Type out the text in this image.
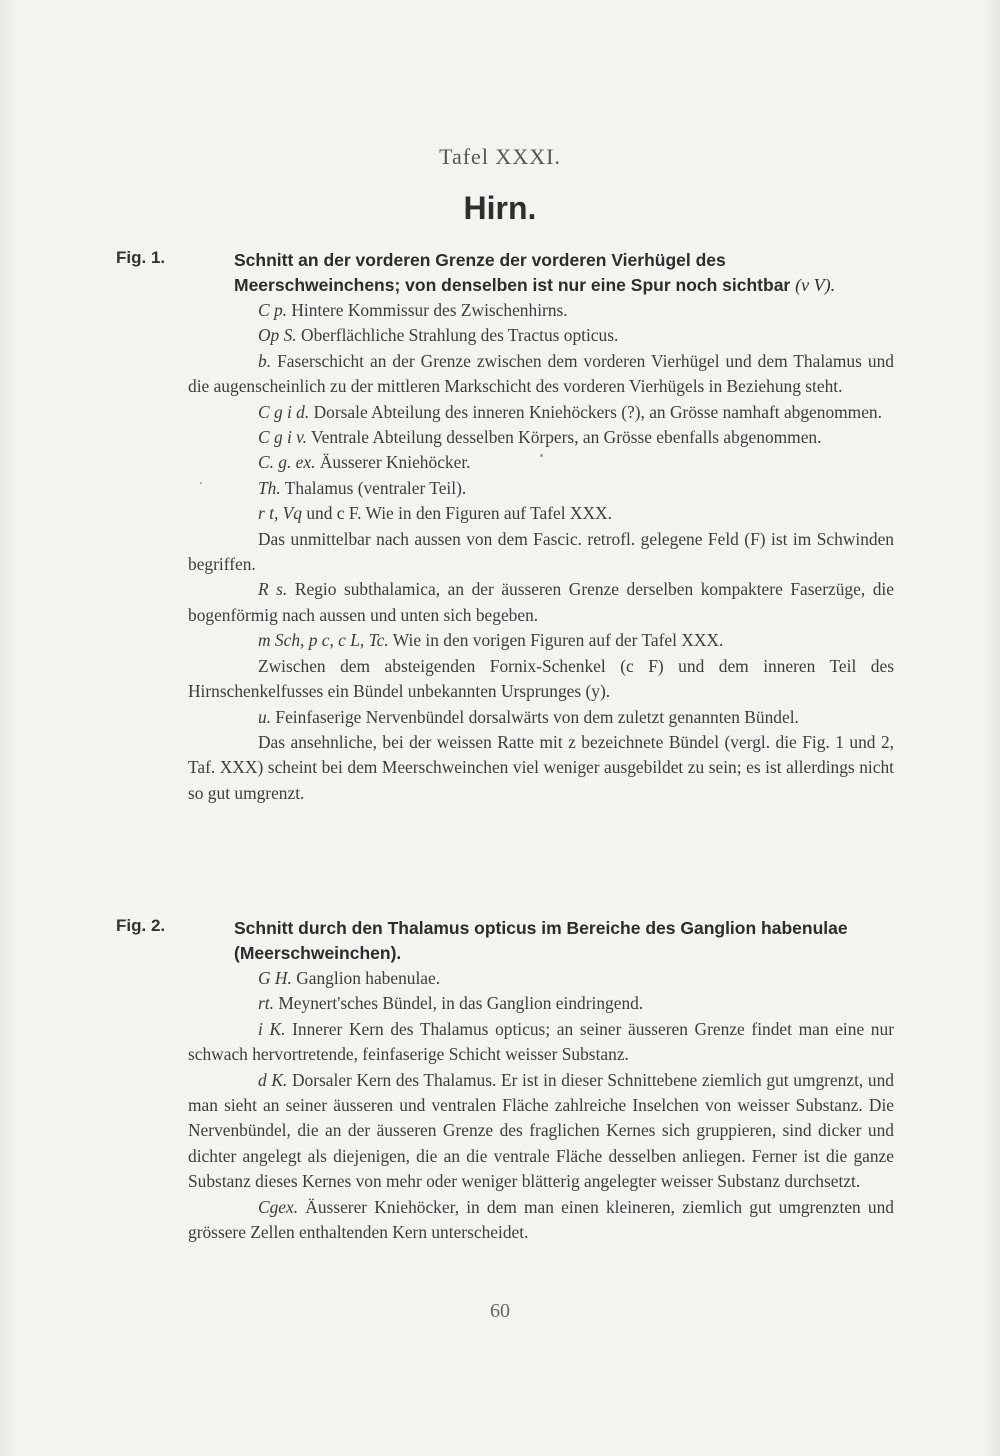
Tafel XXXI.
Hirn.
Fig. 1.	Schnitt an der vorderen Grenze der vorderen Vierhügel des Meerschweinchens; von denselben ist nur eine Spur noch sichtbar (v V).

C p. Hintere Kommissur des Zwischenhirns.

Op S. Oberflächliche Strahlung des Tractus opticus.

b. Faserschicht an der Grenze zwischen dem vorderen Vierhügel und dem Thalamus und die augenscheinlich zu der mittleren Markschicht des vorderen Vierhügels in Beziehung steht.

C g i d. Dorsale Abteilung des inneren Kniehöckers (?), an Grösse namhaft abgenommen.

C g i v. Ventrale Abteilung desselben Körpers, an Grösse ebenfalls abgenommen.

C. g. ex. Äusserer Kniehöcker.

Th. Thalamus (ventraler Teil).

r t, Vq und c F. Wie in den Figuren auf Tafel XXX.

Das unmittelbar nach aussen von dem Fascic. retrofl. gelegene Feld (F) ist im Schwinden begriffen.

R s. Regio subthalamica, an der äusseren Grenze derselben kompaktere Faserzüge, die bogenförmig nach aussen und unten sich begeben.

m Sch, p c, c L, Tc. Wie in den vorigen Figuren auf der Tafel XXX.

Zwischen dem absteigenden Fornix-Schenkel (c F) und dem inneren Teil des Hirnschenkelfusses ein Bündel unbekannten Ursprunges (y).

u. Feinfaserige Nervenbündel dorsalwärts von dem zuletzt genannten Bündel.

Das ansehnliche, bei der weissen Ratte mit z bezeichnete Bündel (vergl. die Fig. 1 und 2, Taf. XXX) scheint bei dem Meerschweinchen viel weniger ausgebildet zu sein; es ist allerdings nicht so gut umgrenzt.

Fig. 2.	Schnitt durch den Thalamus opticus im Bereiche des Ganglion habenulae (Meerschweinchen).

G H. Ganglion habenulae.

rt. Meynert'sches Bündel, in das Ganglion eindringend.

i K. Innerer Kern des Thalamus opticus; an seiner äusseren Grenze findet man eine nur schwach hervortretende, feinfaserige Schicht weisser Substanz.

d K. Dorsaler Kern des Thalamus. Er ist in dieser Schnittebene ziemlich gut umgrenzt, und man sieht an seiner äusseren und ventralen Fläche zahlreiche Inselchen von weisser Substanz. Die Nervenbündel, die an der äusseren Grenze des fraglichen Kernes sich gruppieren, sind dicker und dichter angelegt als diejenigen, die an die ventrale Fläche desselben anliegen. Ferner ist die ganze Substanz dieses Kernes von mehr oder weniger blätterig angelegter weisser Substanz durchsetzt.

Cgex. Äusserer Kniehöcker, in dem man einen kleineren, ziemlich gut umgrenzten und grössere Zellen enthaltenden Kern unterscheidet.

60
